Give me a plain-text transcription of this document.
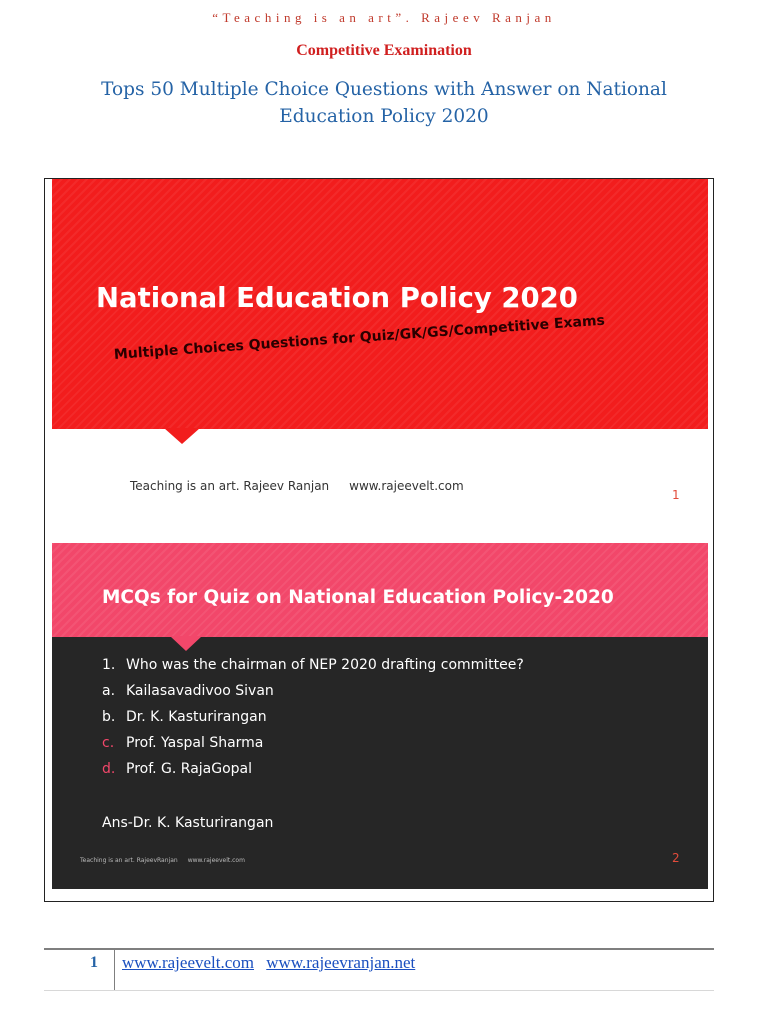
“Teaching is an art”. Rajeev Ranjan
Competitive Examination
Tops 50 Multiple Choice Questions with Answer on National Education Policy 2020
National Education Policy 2020
Multiple Choices Questions for Quiz/GK/GS/Competitive Exams
Teaching is an art. Rajeev Ranjan www.rajeevelt.com
1
MCQs for Quiz on National Education Policy-2020
1. Who was the chairman of NEP 2020 drafting committee?
a. Kailasavadivoo Sivan
b. Dr. K. Kasturirangan
c. Prof. Yaspal Sharma
d. Prof. G. RajaGopal
Ans-Dr. K. Kasturirangan
Teaching is an art. RajeevRanjan www.rajeevelt.com	2
1 www.rajeevelt.com www.rajeevranjan.net
